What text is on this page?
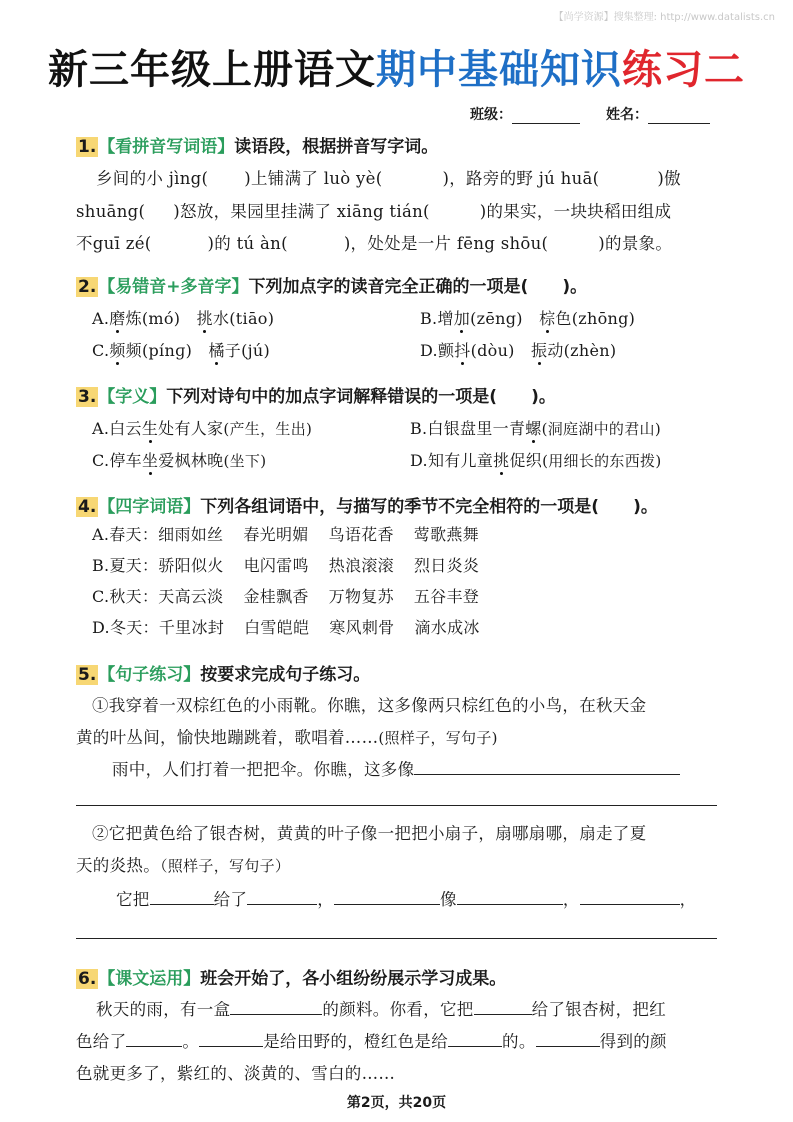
【尚学资源】搜集整理: http://www.datalists.cn
新三年级上册语文期中基础知识练习二
班级：	姓名：
1. 【看拼音写词语】读语段，根据拼音写字词。
乡间的小 jìng( )上铺满了 luò yè(	)，路旁的野 jú huā(	)傲
shuāng( )怒放，果园里挂满了 xiāng tián(	)的果实，一块块稻田组成
不guī zé(	)的 tú àn(	)，处处是一片 fēng shōu(	)的景象。
2. 【易错音+多音字】下列加点字的读音完全正确的一项是(　　)。
A.磨炼(mó)　挑水(tiāo)	B.增加(zēng)　棕色(zhōng)
C.频频(pínɡ)　橘子(jú)	D.颤抖(dòu)　振动(zhèn)
3. 【字义】下列对诗句中的加点字词解释错误的一项是(　　)。
A.白云生处有人家(产生，生出)	B.白银盘里一青螺(洞庭湖中的君山)
C.停车坐爱枫林晚(坐下)	D.知有儿童挑促织(用细长的东西拨)
4. 【四字词语】下列各组词语中，与描写的季节不完全相符的一项是(　　)。
A.春天：细雨如丝 春光明媚 鸟语花香 莺歌燕舞
B.夏天：骄阳似火 电闪雷鸣 热浪滚滚 烈日炎炎
C.秋天：天高云淡 金桂飘香 万物复苏 五谷丰登
D.冬天：千里冰封 白雪皑皑 寒风刺骨 滴水成冰
5. 【句子练习】按要求完成句子练习。
①我穿着一双棕红色的小雨靴。你瞧，这多像两只棕红色的小鸟，在秋天金
黄的叶丛间，愉快地蹦跳着，歌唱着……(照样子，写句子)
雨中，人们打着一把把伞。你瞧，这多像
②它把黄色给了银杏树，黄黄的叶子像一把把小扇子，扇哪扇哪，扇走了夏
天的炎热。（照样子，写句子）
它把	给了	，	像	，	，
6. 【课文运用】班会开始了，各小组纷纷展示学习成果。
秋天的雨，有一盒	的颜料。你看，它把	给了银杏树，把红
色给了	。	是给田野的，橙红色是给	的。	得到的颜
色就更多了，紫红的、淡黄的、雪白的……
第2页，共20页
